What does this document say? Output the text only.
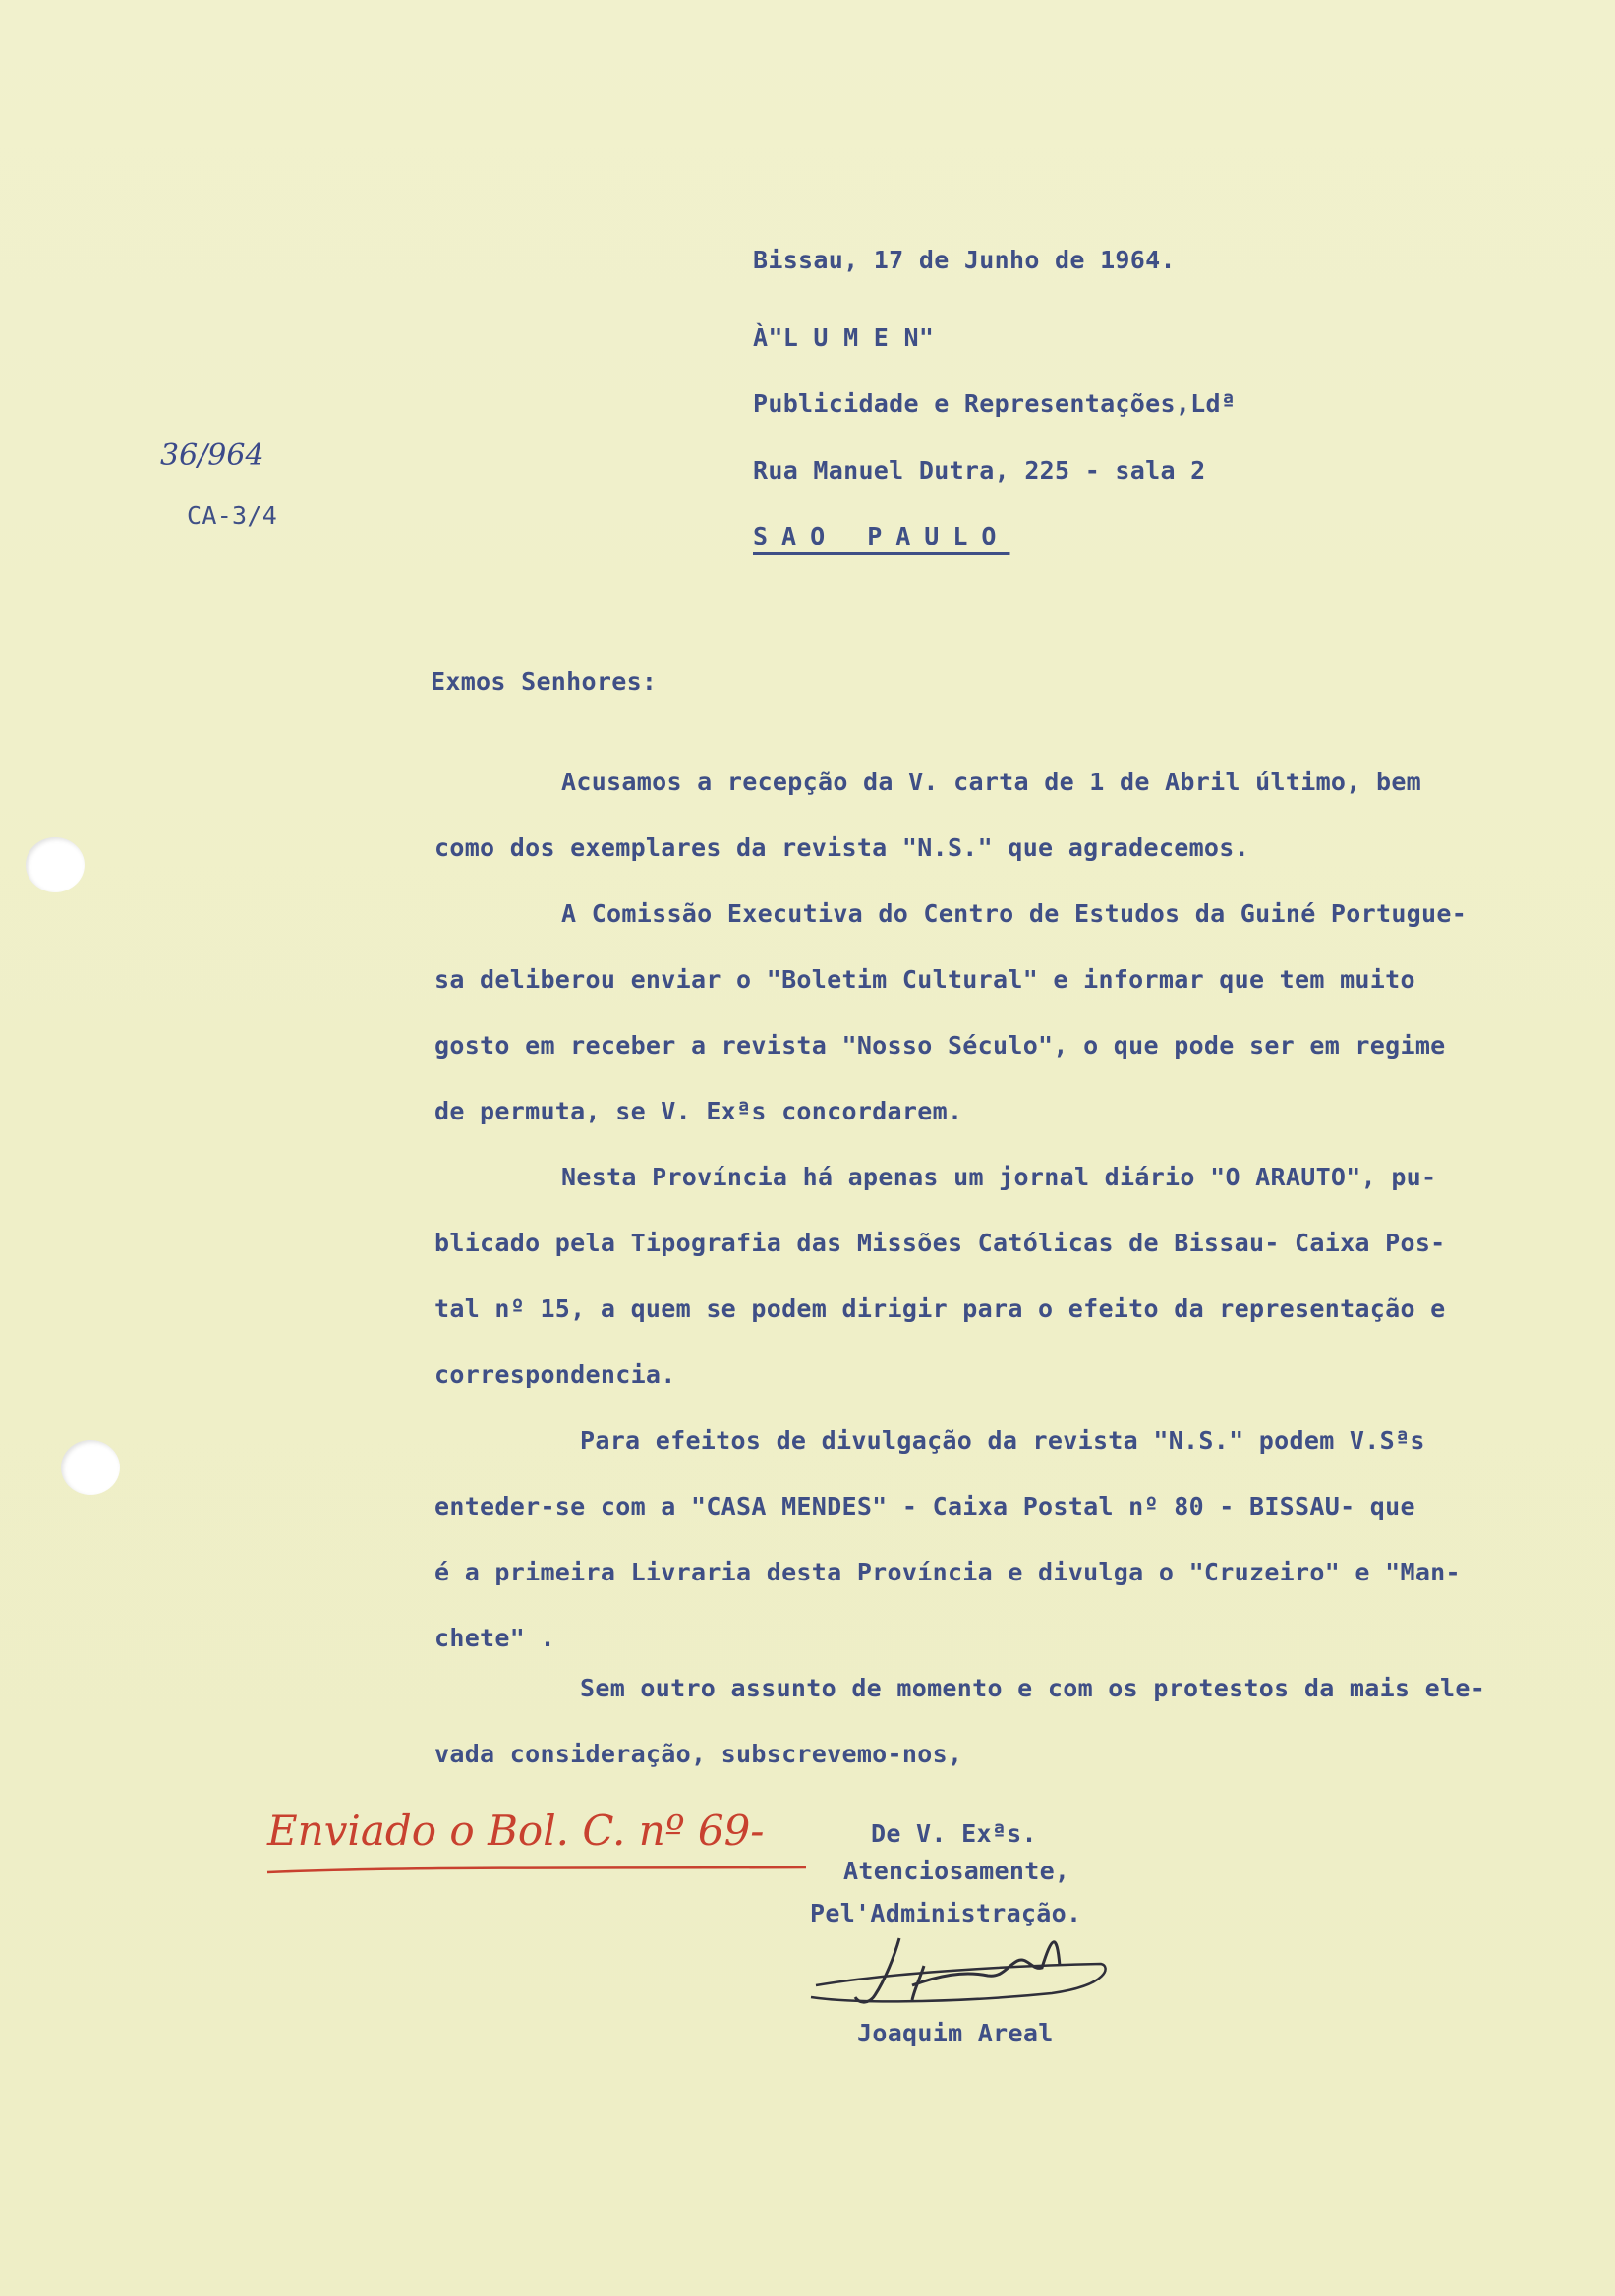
36/964
CA-3/4
Bissau, 17 de Junho de 1964.
À"L U M E N"
Publicidade e Representações,Ldª
Rua Manuel Dutra, 225 - sala 2
SAO PAULO
Exmos Senhores:
Acusamos a recepção da V. carta de 1 de Abril último, bem
como dos exemplares da revista "N.S." que agradecemos.
A Comissão Executiva do Centro de Estudos da Guiné Portugue-
sa deliberou enviar o "Boletim Cultural" e informar que tem muito
gosto em receber a revista "Nosso Século", o que pode ser em regime
de permuta, se V. Exªs concordarem.
Nesta Província há apenas um jornal diário "O ARAUTO", pu-
blicado pela Tipografia das Missões Católicas de Bissau- Caixa Pos-
tal nº 15, a quem se podem dirigir para o efeito da representação e
correspondencia.
Para efeitos de divulgação da revista "N.S." podem V.Sªs
enteder-se com a "CASA MENDES" - Caixa Postal nº 80 - BISSAU- que
é a primeira Livraria desta Província e divulga o "Cruzeiro" e "Man-
chete" .
Sem outro assunto de momento e com os protestos da mais ele-
vada consideração, subscrevemo-nos,
Enviado o Bol. C. nº 69-	De V. Exªs.
Atenciosamente,
Pel'Administração.
Joaquim Areal
